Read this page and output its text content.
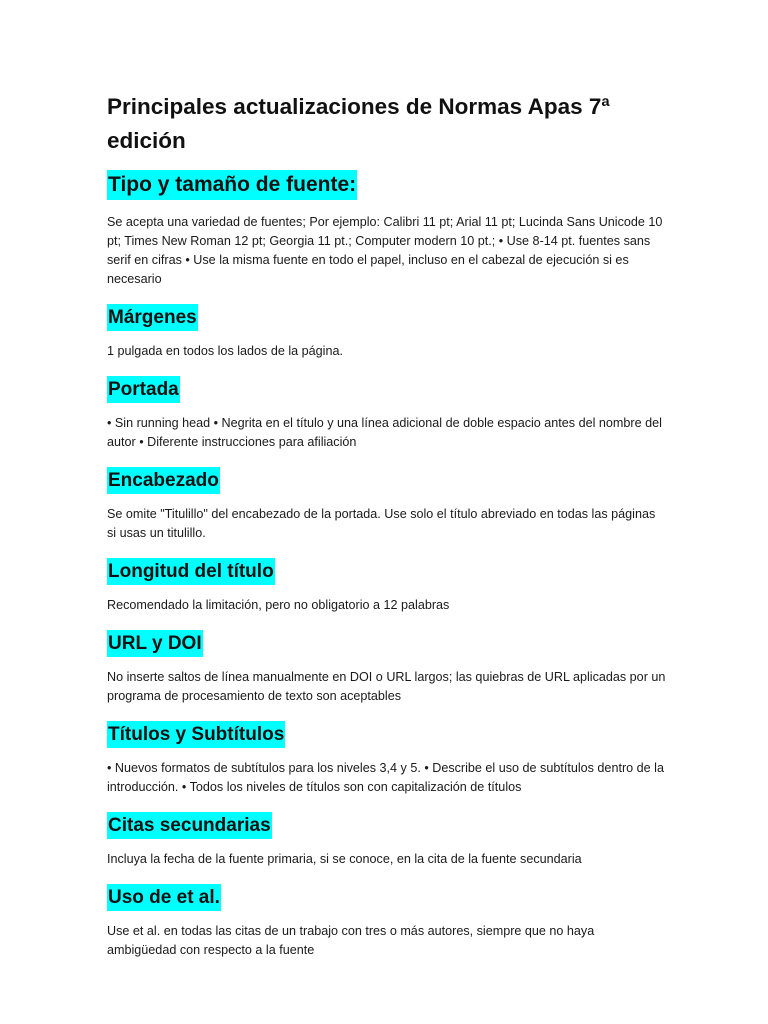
Principales actualizaciones de Normas Apas 7ª edición
Tipo y tamaño de fuente:

Se acepta una variedad de fuentes; Por ejemplo: Calibri 11 pt; Arial 11 pt; Lucinda Sans Unicode 10 pt; Times New Roman 12 pt; Georgia 11 pt.; Computer modern 10 pt.; • Use 8-14 pt. fuentes sans serif en cifras • Use la misma fuente en todo el papel, incluso en el cabezal de ejecución si es necesario

Márgenes

1 pulgada en todos los lados de la página.

Portada

• Sin running head • Negrita en el título y una línea adicional de doble espacio antes del nombre del autor • Diferente instrucciones para afiliación

Encabezado

Se omite "Titulillo" del encabezado de la portada. Use solo el título abreviado en todas las páginas si usas un titulillo.

Longitud del título

Recomendado la limitación, pero no obligatorio a 12 palabras

URL y DOI

No inserte saltos de línea manualmente en DOI o URL largos; las quiebras de URL aplicadas por un programa de procesamiento de texto son aceptables

Títulos y Subtítulos

• Nuevos formatos de subtítulos para los niveles 3,4 y 5. • Describe el uso de subtítulos dentro de la introducción. • Todos los niveles de títulos son con capitalización de títulos

Citas secundarias

Incluya la fecha de la fuente primaria, si se conoce, en la cita de la fuente secundaria

Uso de et al.

Use et al. en todas las citas de un trabajo con tres o más autores, siempre que no haya ambigüedad con respecto a la fuente
